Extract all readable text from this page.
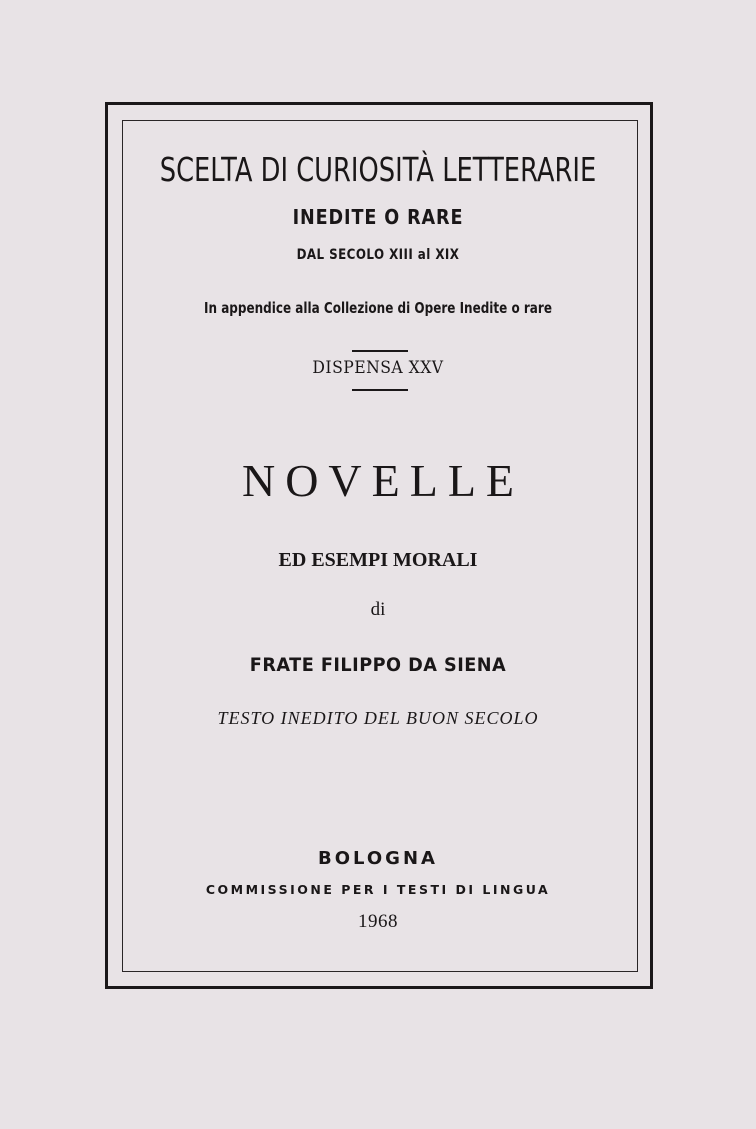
SCELTA DI CURIOSITÀ LETTERARIE
INEDITE O RARE
DAL SECOLO XIII al XIX
In appendice alla Collezione di Opere Inedite o rare
DISPENSA XXV
NOVELLE
ED ESEMPI MORALI
di
FRATE FILIPPO DA SIENA
TESTO INEDITO DEL BUON SECOLO
BOLOGNA
COMMISSIONE PER I TESTI DI LINGUA
1968
